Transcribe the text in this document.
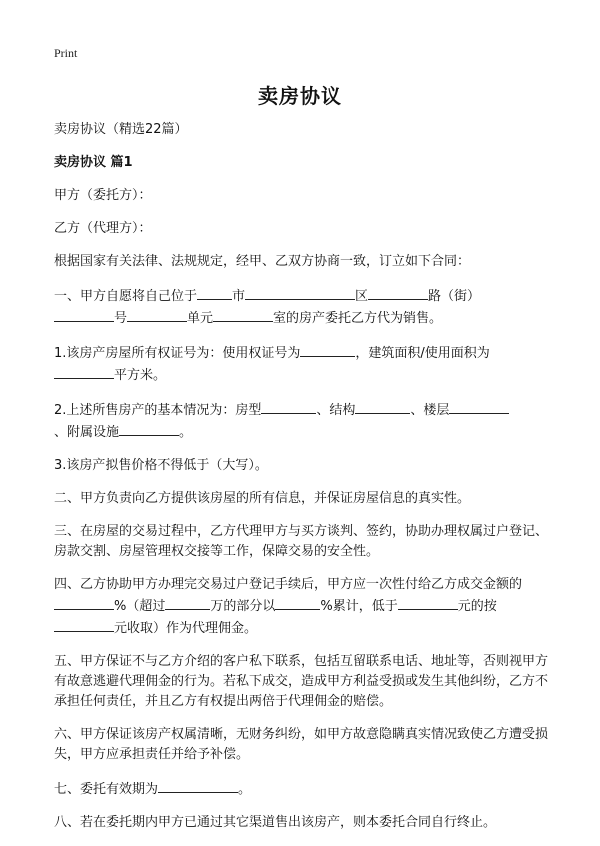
Print
卖房协议

卖房协议（精选22篇）

卖房协议 篇1

甲方（委托方）：

乙方（代理方）：

根据国家有关法律、法规规定，经甲、乙双方协商一致，订立如下合同：

一、甲方自愿将自己位于	市	区	路（街）
号	单元	室的房产委托乙方代为销售。

1.该房产房屋所有权证号为：使用权证号为	，建筑面积/使用面积为
平方米。

2.上述所售房产的基本情况为：房型	、结构	、楼层
、附属设施	。

3.该房产拟售价格不得低于（大写）。

二、甲方负责向乙方提供该房屋的所有信息，并保证房屋信息的真实性。

三、在房屋的交易过程中，乙方代理甲方与买方谈判、签约，协助办理权属过户登记、房款交割、房屋管理权交接等工作，保障交易的安全性。

四、乙方协助甲方办理完交易过户登记手续后，甲方应一次性付给乙方成交金额的
%（超过	万的部分以	%累计，低于	元的按
元收取）作为代理佣金。

五、甲方保证不与乙方介绍的客户私下联系，包括互留联系电话、地址等，否则视甲方有故意逃避代理佣金的行为。若私下成交，造成甲方利益受损或发生其他纠纷，乙方不承担任何责任，并且乙方有权提出两倍于代理佣金的赔偿。

六、甲方保证该房产权属清晰，无财务纠纷，如甲方故意隐瞒真实情况致使乙方遭受损失，甲方应承担责任并给予补偿。

七、委托有效期为	。

八、若在委托期内甲方已通过其它渠道售出该房产，则本委托合同自行终止。
